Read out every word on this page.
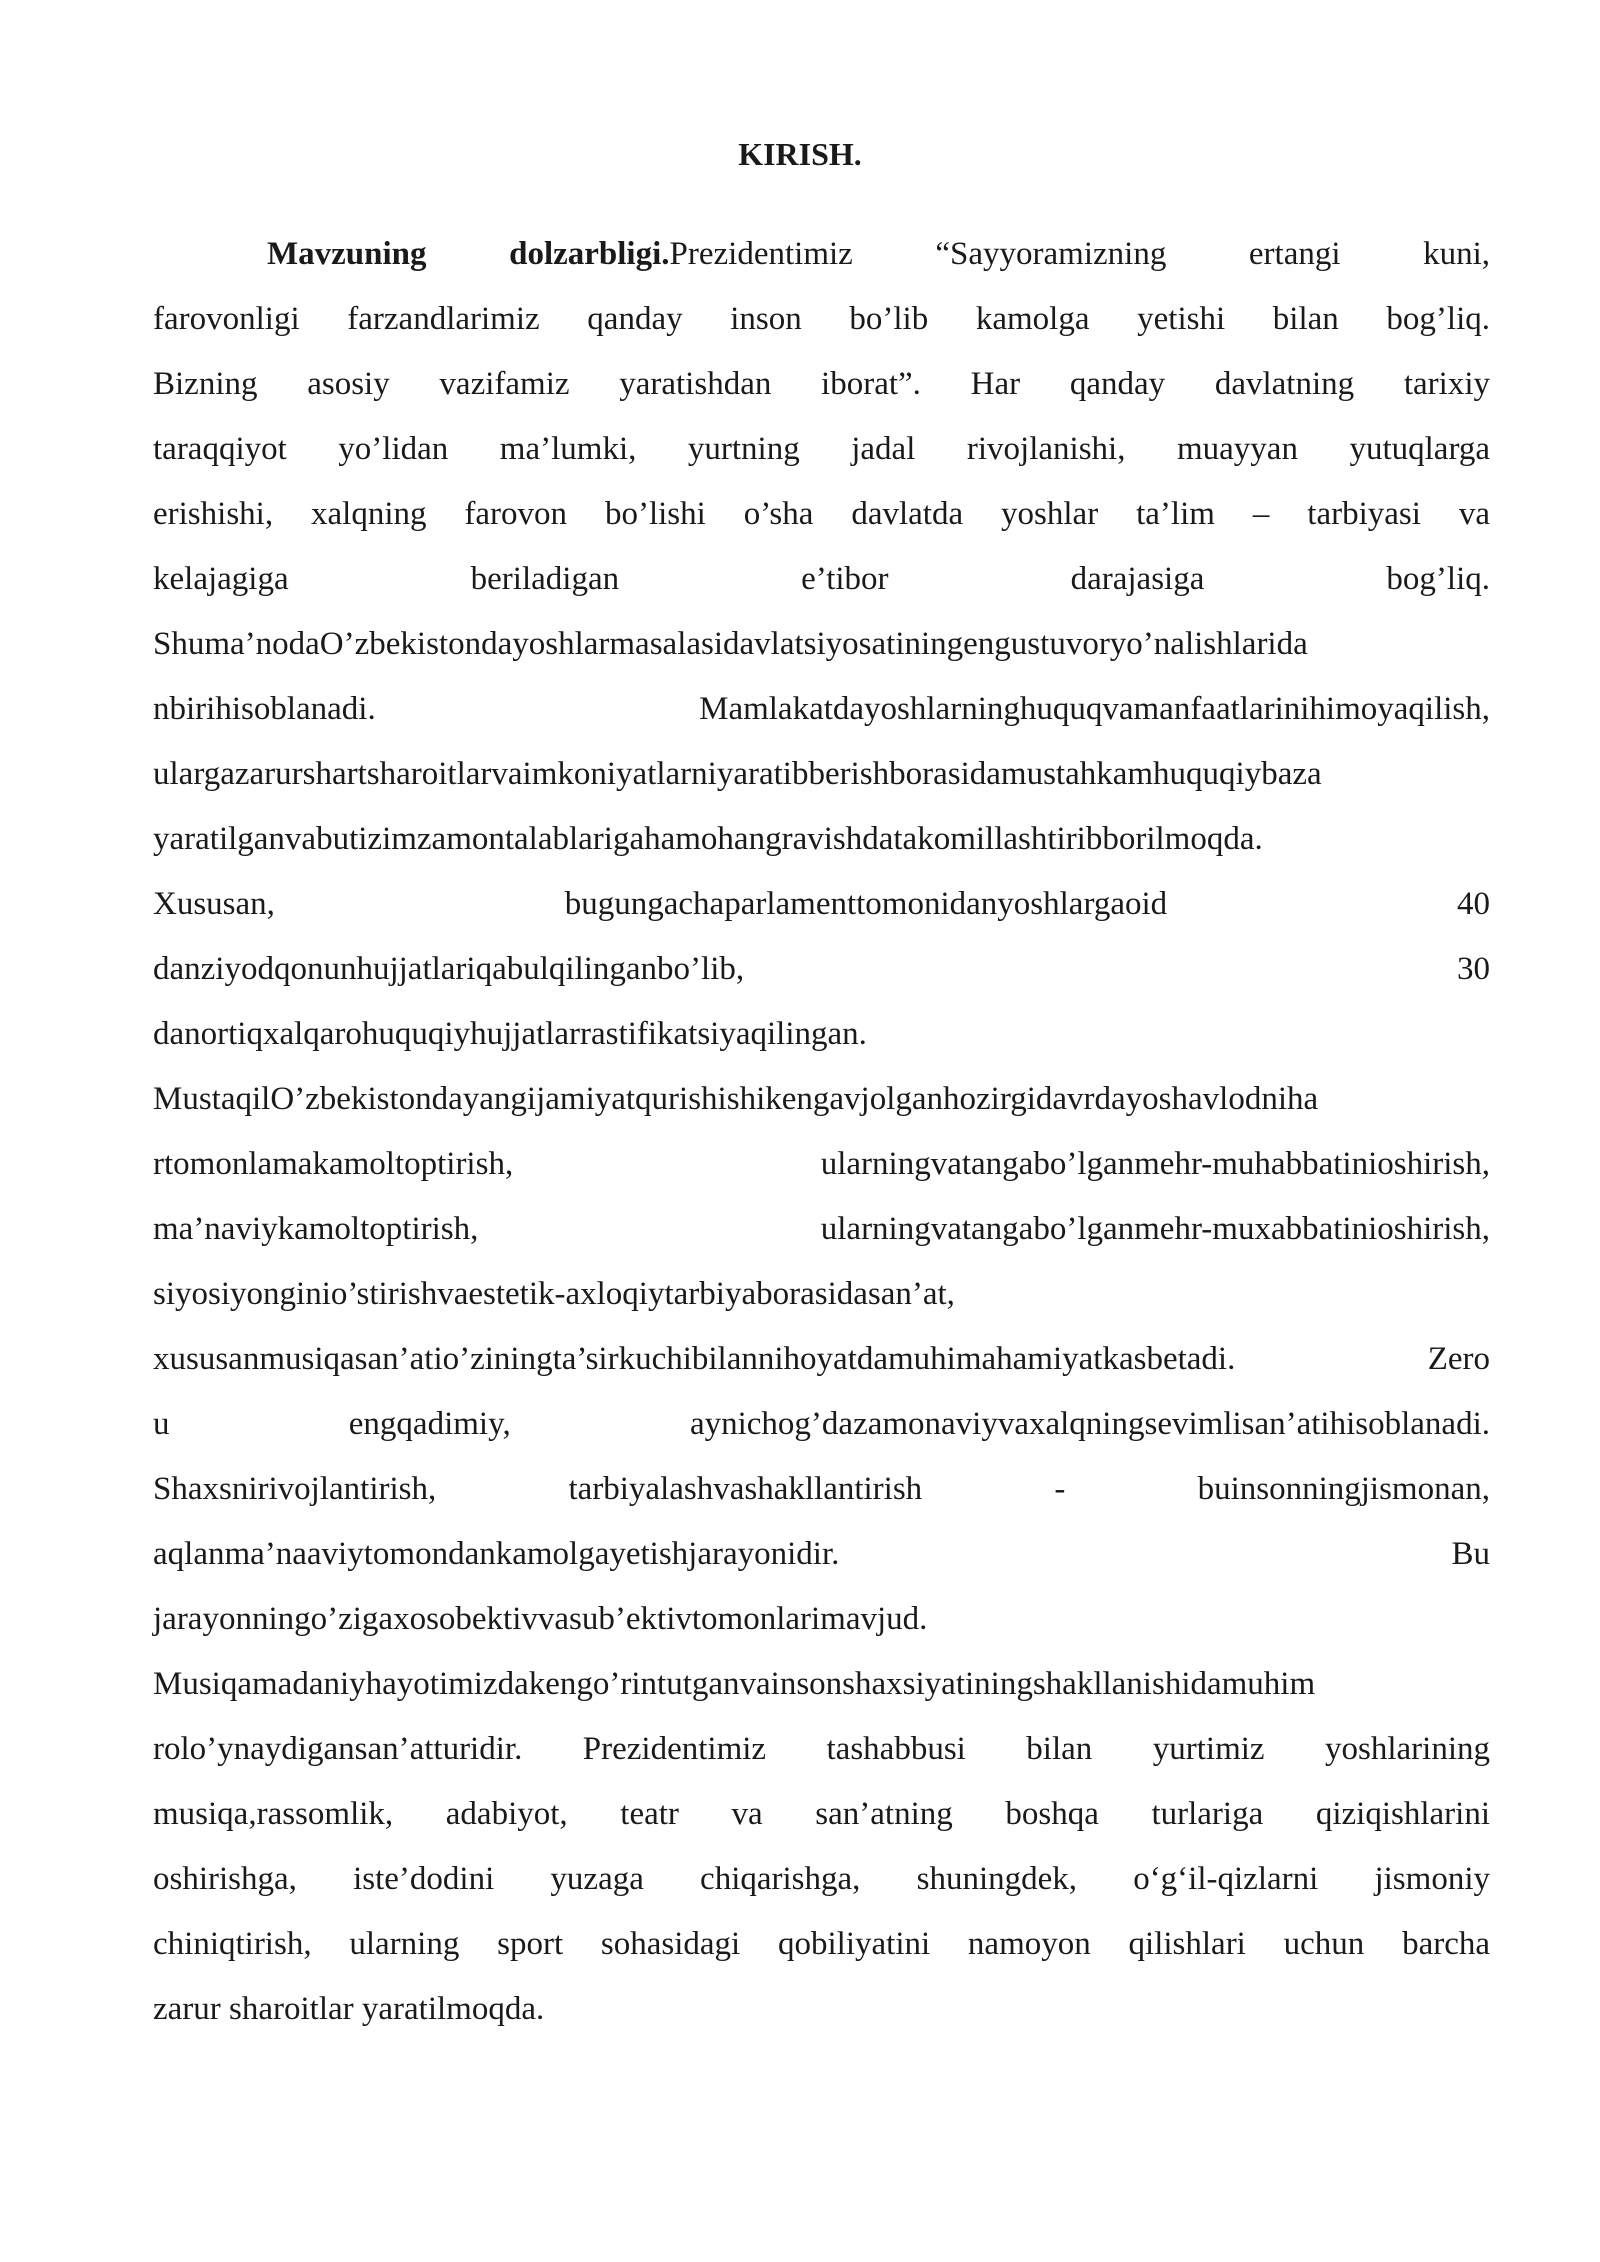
KIRISH.
Mavzuning dolzarbligi.Prezidentimiz “Sayyoramizning ertangi kuni,
farovonligi farzandlarimiz qanday inson bo’lib kamolga yetishi bilan bog’liq.
Bizning asosiy vazifamiz yaratishdan iborat”. Har qanday davlatning tarixiy
taraqqiyot yo’lidan ma’lumki, yurtning jadal rivojlanishi, muayyan yutuqlarga
erishishi, xalqning farovon bo’lishi o’sha davlatda yoshlar ta’lim – tarbiyasi va
kelajagiga beriladigan e’tibor darajasiga bog’liq.
Shuma’nodaO’zbekistondayoshlarmasalasidavlatsiyosatiningengustuvoryo’nalishlarida
nbirihisoblanadi. Mamlakatdayoshlarninghuquqvamanfaatlarinihimoyaqilish,
ulargazarurshartsharoitlarvaimkoniyatlarniyaratibberishborasidamustahkamhuquqiybaza
yaratilganvabutizimzamontalablarigahamohangravishdatakomillashtiribborilmoqda.
Xususan, bugungachaparlamenttomonidanyoshlargaoid 40
danziyodqonunhujjatlariqabulqilinganbo’lib, 30
danortiqxalqarohuquqiyhujjatlarrastifikatsiyaqilingan.
MustaqilO’zbekistondayangijamiyatqurishishikengavjolganhozirgidavrdayoshavlodniha
rtomonlamakamoltoptirish, ularningvatangabo’lganmehr-muhabbatinioshirish,
ma’naviykamoltoptirish, ularningvatangabo’lganmehr-muxabbatinioshirish,
siyosiyonginio’stirishvaestetik-axloqiytarbiyaborasidasan’at,
xususanmusiqasan’atio’ziningta’sirkuchibilannihoyatdamuhimahamiyatkasbetadi. Zero
u engqadimiy, aynichog’dazamonaviyvaxalqningsevimlisan’atihisoblanadi.
Shaxsnirivojlantirish, tarbiyalashvashakllantirish - buinsonningjismonan,
aqlanma’naaviytomondankamolgayetishjarayonidir. Bu
jarayonningo’zigaxosobektivvasub’ektivtomonlarimavjud.
Musiqamadaniyhayotimizdakengo’rintutganvainsonshaxsiyatiningshakllanishidamuhim
rolo’ynaydigansan’atturidir. Prezidentimiz tashabbusi bilan yurtimiz yoshlarining
musiqa,rassomlik, adabiyot, teatr va san’atning boshqa turlariga qiziqishlarini
oshirishga, iste’dodini yuzaga chiqarishga, shuningdek, o‘g‘il-qizlarni jismoniy
chiniqtirish, ularning sport sohasidagi qobiliyatini namoyon qilishlari uchun barcha
zarur sharoitlar yaratilmoqda.
